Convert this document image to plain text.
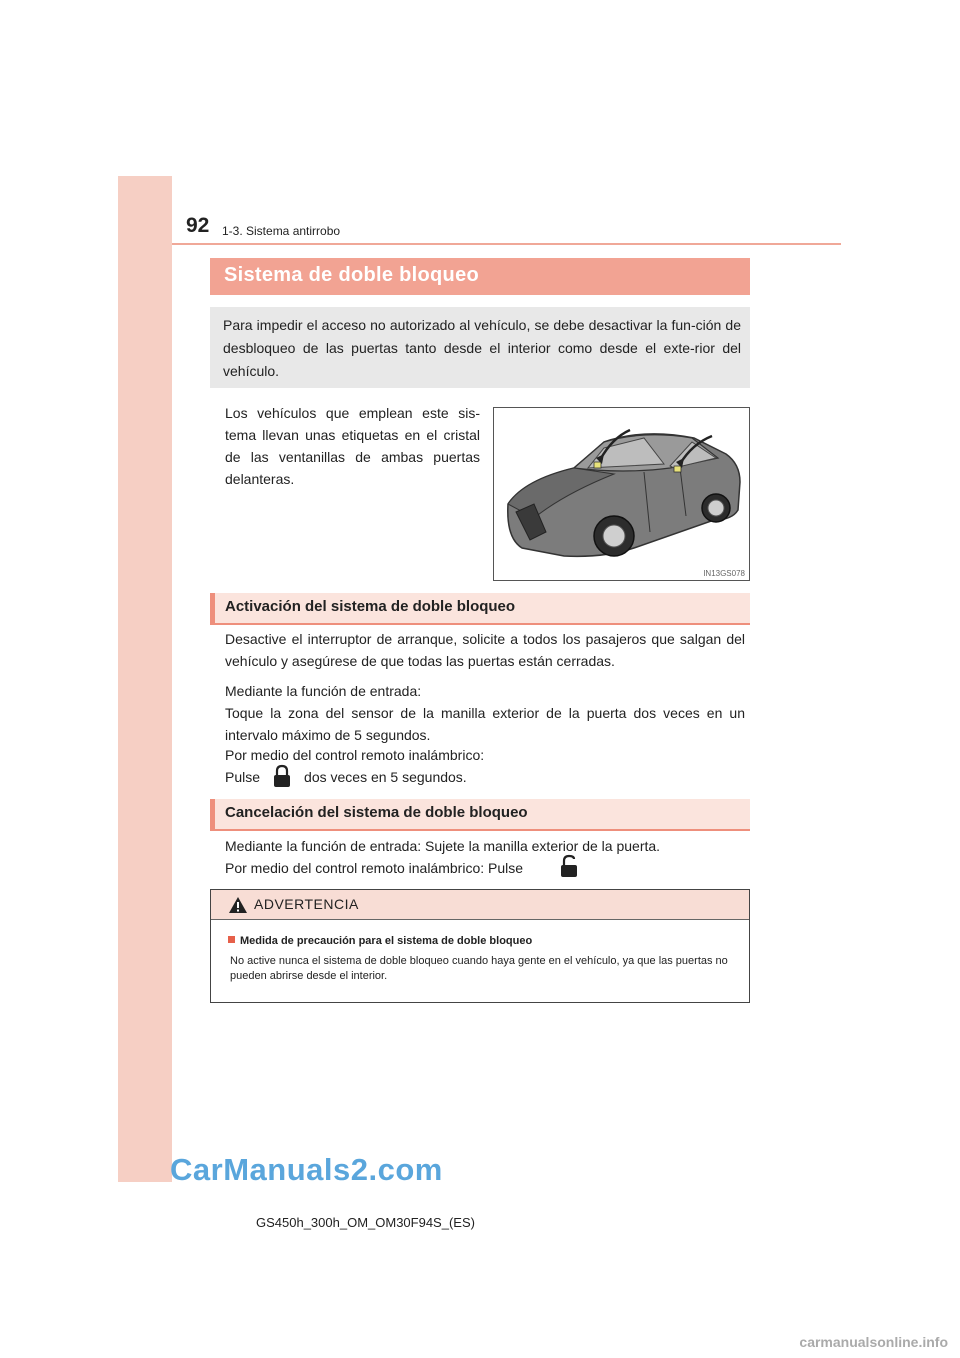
92 1-3. Sistema antirrobo
Sistema de doble bloqueo

Para impedir el acceso no autorizado al vehículo, se debe desactivar la fun-ción de desbloqueo de las puertas tanto desde el interior como desde el exte-rior del vehículo.

Los vehículos que emplean este sis-tema llevan unas etiquetas en el cristal de las ventanillas de ambas puertas delanteras.

IN13GS078
Activación del sistema de doble bloqueo

Desactive el interruptor de arranque, solicite a todos los pasajeros que salgan del vehículo y asegúrese de que todas las puertas están cerradas.

Mediante la función de entrada:

Toque la zona del sensor de la manilla exterior de la puerta dos veces en un intervalo máximo de 5 segundos.

Por medio del control remoto inalámbrico:

Pulse	dos veces en 5 segundos.

Cancelación del sistema de doble bloqueo

Mediante la función de entrada: Sujete la manilla exterior de la puerta.

Por medio del control remoto inalámbrico: Pulse

ADVERTENCIA
Medida de precaución para el sistema de doble bloqueo

No active nunca el sistema de doble bloqueo cuando haya gente en el vehículo, ya que las puertas no pueden abrirse desde el interior.

CarManuals2.com
GS450h_300h_OM_OM30F94S_(ES)
carmanualsonline.info
